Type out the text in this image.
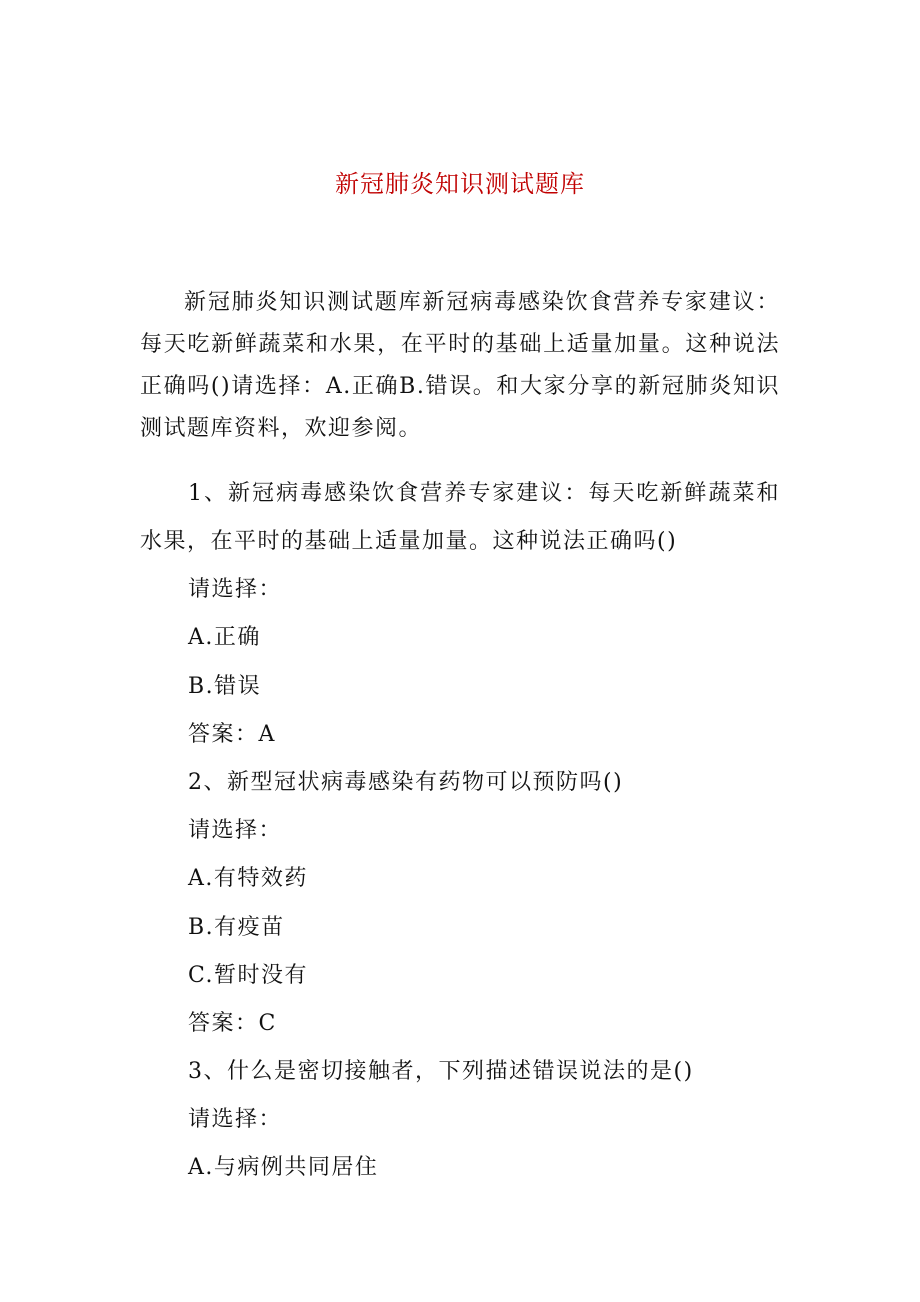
新冠肺炎知识测试题库

新冠肺炎知识测试题库新冠病毒感染饮食营养专家建议：每天吃新鲜蔬菜和水果，在平时的基础上适量加量。这种说法正确吗()请选择：A.正确B.错误。和大家分享的新冠肺炎知识测试题库资料，欢迎参阅。

1、新冠病毒感染饮食营养专家建议：每天吃新鲜蔬菜和水果，在平时的基础上适量加量。这种说法正确吗()

请选择：

A.正确

B.错误

答案：A

2、新型冠状病毒感染有药物可以预防吗()

请选择：

A.有特效药

B.有疫苗

C.暂时没有

答案：C

3、什么是密切接触者，下列描述错误说法的是()

请选择：

A.与病例共同居住
